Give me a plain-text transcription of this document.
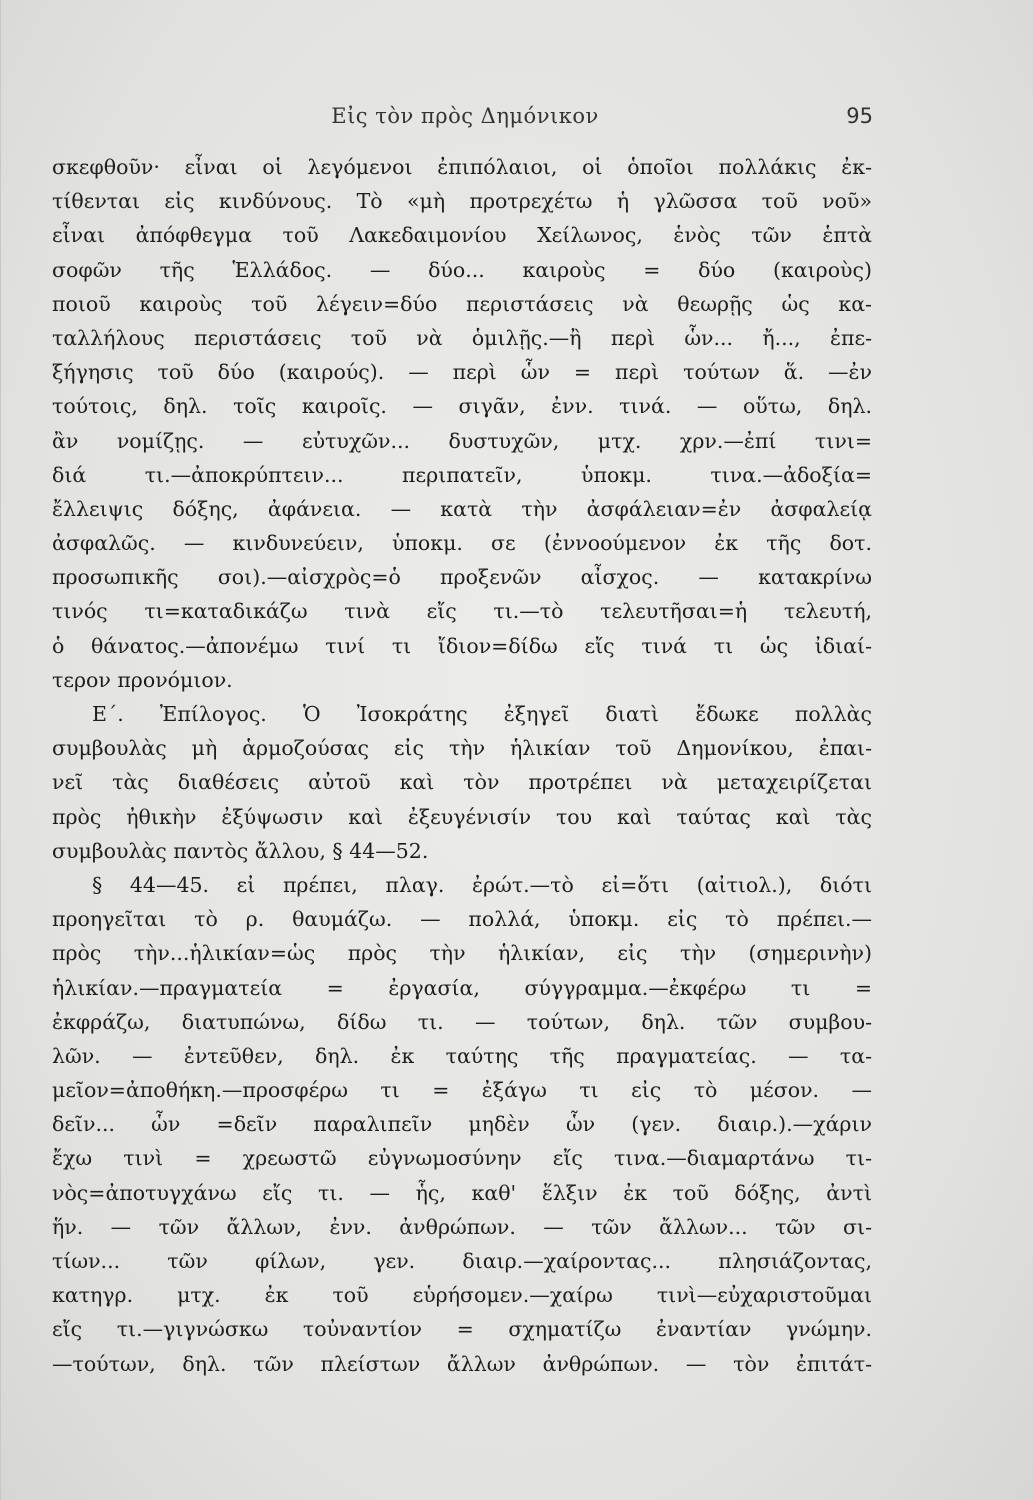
Εἰς τὸν πρὸς Δημόνικον	95
σκεφθοῦν· εἶναι οἱ λεγόμενοι ἐπιπόλαιοι, οἱ ὁποῖοι πολλάκις ἐκ-
τίθενται εἰς κινδύνους. Τὸ «μὴ προτρεχέτω ἡ γλῶσσα τοῦ νοῦ»
εἶναι ἀπόφθεγμα τοῦ Λακεδαιμονίου Χείλωνος, ἑνὸς τῶν ἑπτὰ
σοφῶν τῆς Ἑλλάδος. — δύο... καιροὺς = δύο (καιροὺς)
ποιοῦ καιροὺς τοῦ λέγειν=δύο περιστάσεις νὰ θεωρῇς ὡς κα-
ταλλήλους περιστάσεις τοῦ νὰ ὁμιλῇς.—ἢ περὶ ὧν... ἤ..., ἐπε-
ξήγησις τοῦ δύο (καιρούς). — περὶ ὧν = περὶ τούτων ἅ. —ἐν
τούτοις, δηλ. τοῖς καιροῖς. — σιγᾶν, ἐνν. τινά. — οὕτω, δηλ.
ἂν νομίζῃς. — εὐτυχῶν... δυστυχῶν, μτχ. χρν.—ἐπί τινι=
διά τι.—ἀποκρύπτειν... περιπατεῖν, ὑποκμ. τινα.—ἀδοξία=
ἔλλειψις δόξης, ἀφάνεια. — κατὰ τὴν ἀσφάλειαν=ἐν ἀσφαλείᾳ
ἀσφαλῶς. — κινδυνεύειν, ὑποκμ. σε (ἐννοούμενον ἐκ τῆς δοτ.
προσωπικῆς σοι).—αἰσχρὸς=ὁ προξενῶν αἶσχος. — κατακρίνω
τινός τι=καταδικάζω τινὰ εἴς τι.—τὸ τελευτῆσαι=ἡ τελευτή,
ὁ θάνατος.—ἀπονέμω τινί τι ἴδιον=δίδω εἴς τινά τι ὡς ἰδιαί-
τερον προνόμιον.
Ε΄. Ἐπίλογος. Ὁ Ἰσοκράτης ἐξηγεῖ διατὶ ἔδωκε πολλὰς
συμβουλὰς μὴ ἁρμοζούσας εἰς τὴν ἡλικίαν τοῦ Δημονίκου, ἐπαι-
νεῖ τὰς διαθέσεις αὐτοῦ καὶ τὸν προτρέπει νὰ μεταχειρίζεται
πρὸς ἠθικὴν ἐξύψωσιν καὶ ἐξευγένισίν του καὶ ταύτας καὶ τὰς
συμβουλὰς παντὸς ἄλλου, § 44—52.
§ 44—45. εἰ πρέπει, πλαγ. ἐρώτ.—τὸ εἰ=ὅτι (αἰτιολ.), διότι
προηγεῖται τὸ ρ. θαυμάζω. — πολλά, ὑποκμ. εἰς τὸ πρέπει.—
πρὸς τὴν...ἡλικίαν=ὡς πρὸς τὴν ἡλικίαν, εἰς τὴν (σημερινὴν)
ἡλικίαν.—πραγματεία = ἐργασία, σύγγραμμα.—ἐκφέρω τι =
ἐκφράζω, διατυπώνω, δίδω τι. — τούτων, δηλ. τῶν συμβου-
λῶν. — ἐντεῦθεν, δηλ. ἐκ ταύτης τῆς πραγματείας. — τα-
μεῖον=ἀποθήκη.—προσφέρω τι = ἐξάγω τι εἰς τὸ μέσον. —
δεῖν... ὧν =δεῖν παραλιπεῖν μηδὲν ὧν (γεν. διαιρ.).—χάριν
ἔχω τινὶ = χρεωστῶ εὐγνωμοσύνην εἴς τινα.—διαμαρτάνω τι-
νὸς=ἀποτυγχάνω εἴς τι. — ἧς, καθ' ἕλξιν ἐκ τοῦ δόξης, ἀντὶ
ἥν. — τῶν ἄλλων, ἐνν. ἀνθρώπων. — τῶν ἄλλων... τῶν σι-
τίων... τῶν φίλων, γεν. διαιρ.—χαίροντας... πλησιάζοντας,
κατηγρ. μτχ. ἐκ τοῦ εὑρήσομεν.—χαίρω τινὶ—εὐχαριστοῦμαι
εἴς τι.—γιγνώσκω τοὐναντίον = σχηματίζω ἐναντίαν γνώμην.
—τούτων, δηλ. τῶν πλείστων ἄλλων ἀνθρώπων. — τὸν ἐπιτάτ-
